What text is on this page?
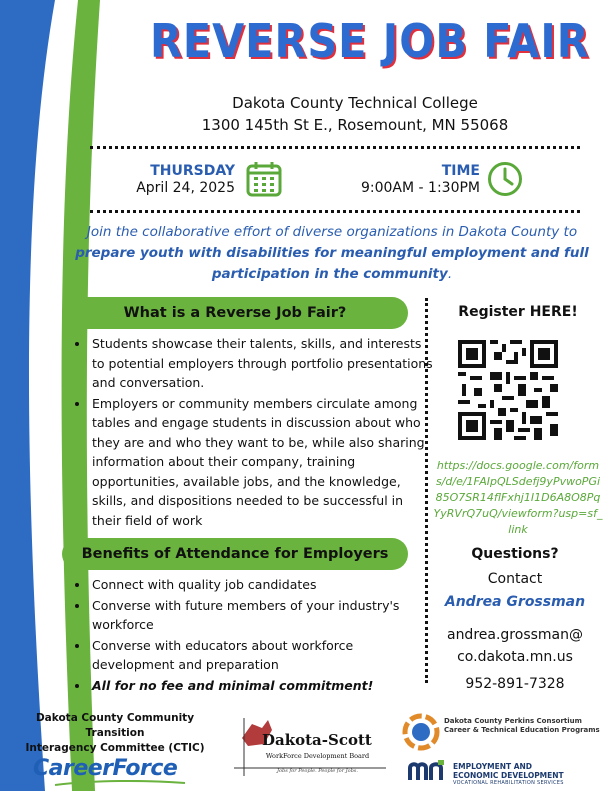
REVERSE JOB FAIR
Dakota County Technical College
1300 145th St E., Rosemount, MN 55068
THURSDAY
April 24, 2025
TIME
9:00AM - 1:30PM
Join the collaborative effort of diverse organizations in Dakota County to prepare youth with disabilities for meaningful employment and full participation in the community.
What is a Reverse Job Fair?
• Students showcase their talents, skills, and interests to potential employers through portfolio presentations and conversation.
• Employers or community members circulate among tables and engage students in discussion about who they are and who they want to be, while also sharing information about their company, training opportunities, available jobs, and the knowledge, skills, and dispositions needed to be successful in their field of work
Benefits of Attendance for Employers
• Connect with quality job candidates
• Converse with future members of your industry's workforce
• Converse with educators about workforce development and preparation
• All for no fee and minimal commitment!
Register HERE!
https://docs.google.com/forms/d/e/1FAIpQLSdefj9yPvwoPGi85O7SR14flFxhj1I1D6A8O8PqYyRVrQ7uQ/viewform?usp=sf_link
Questions?
Contact
Andrea Grossman
andrea.grossman@
co.dakota.mn.us
952-891-7328
Dakota County Community Transition
Interagency Committee (CTIC)
CareerForce
Dakota-Scott
WorkForce Development Board
Jobs for People. People for Jobs.
Dakota County Perkins Consortium
Career & Technical Education Programs
EMPLOYMENT AND
ECONOMIC DEVELOPMENT
VOCATIONAL REHABILITATION SERVICES
